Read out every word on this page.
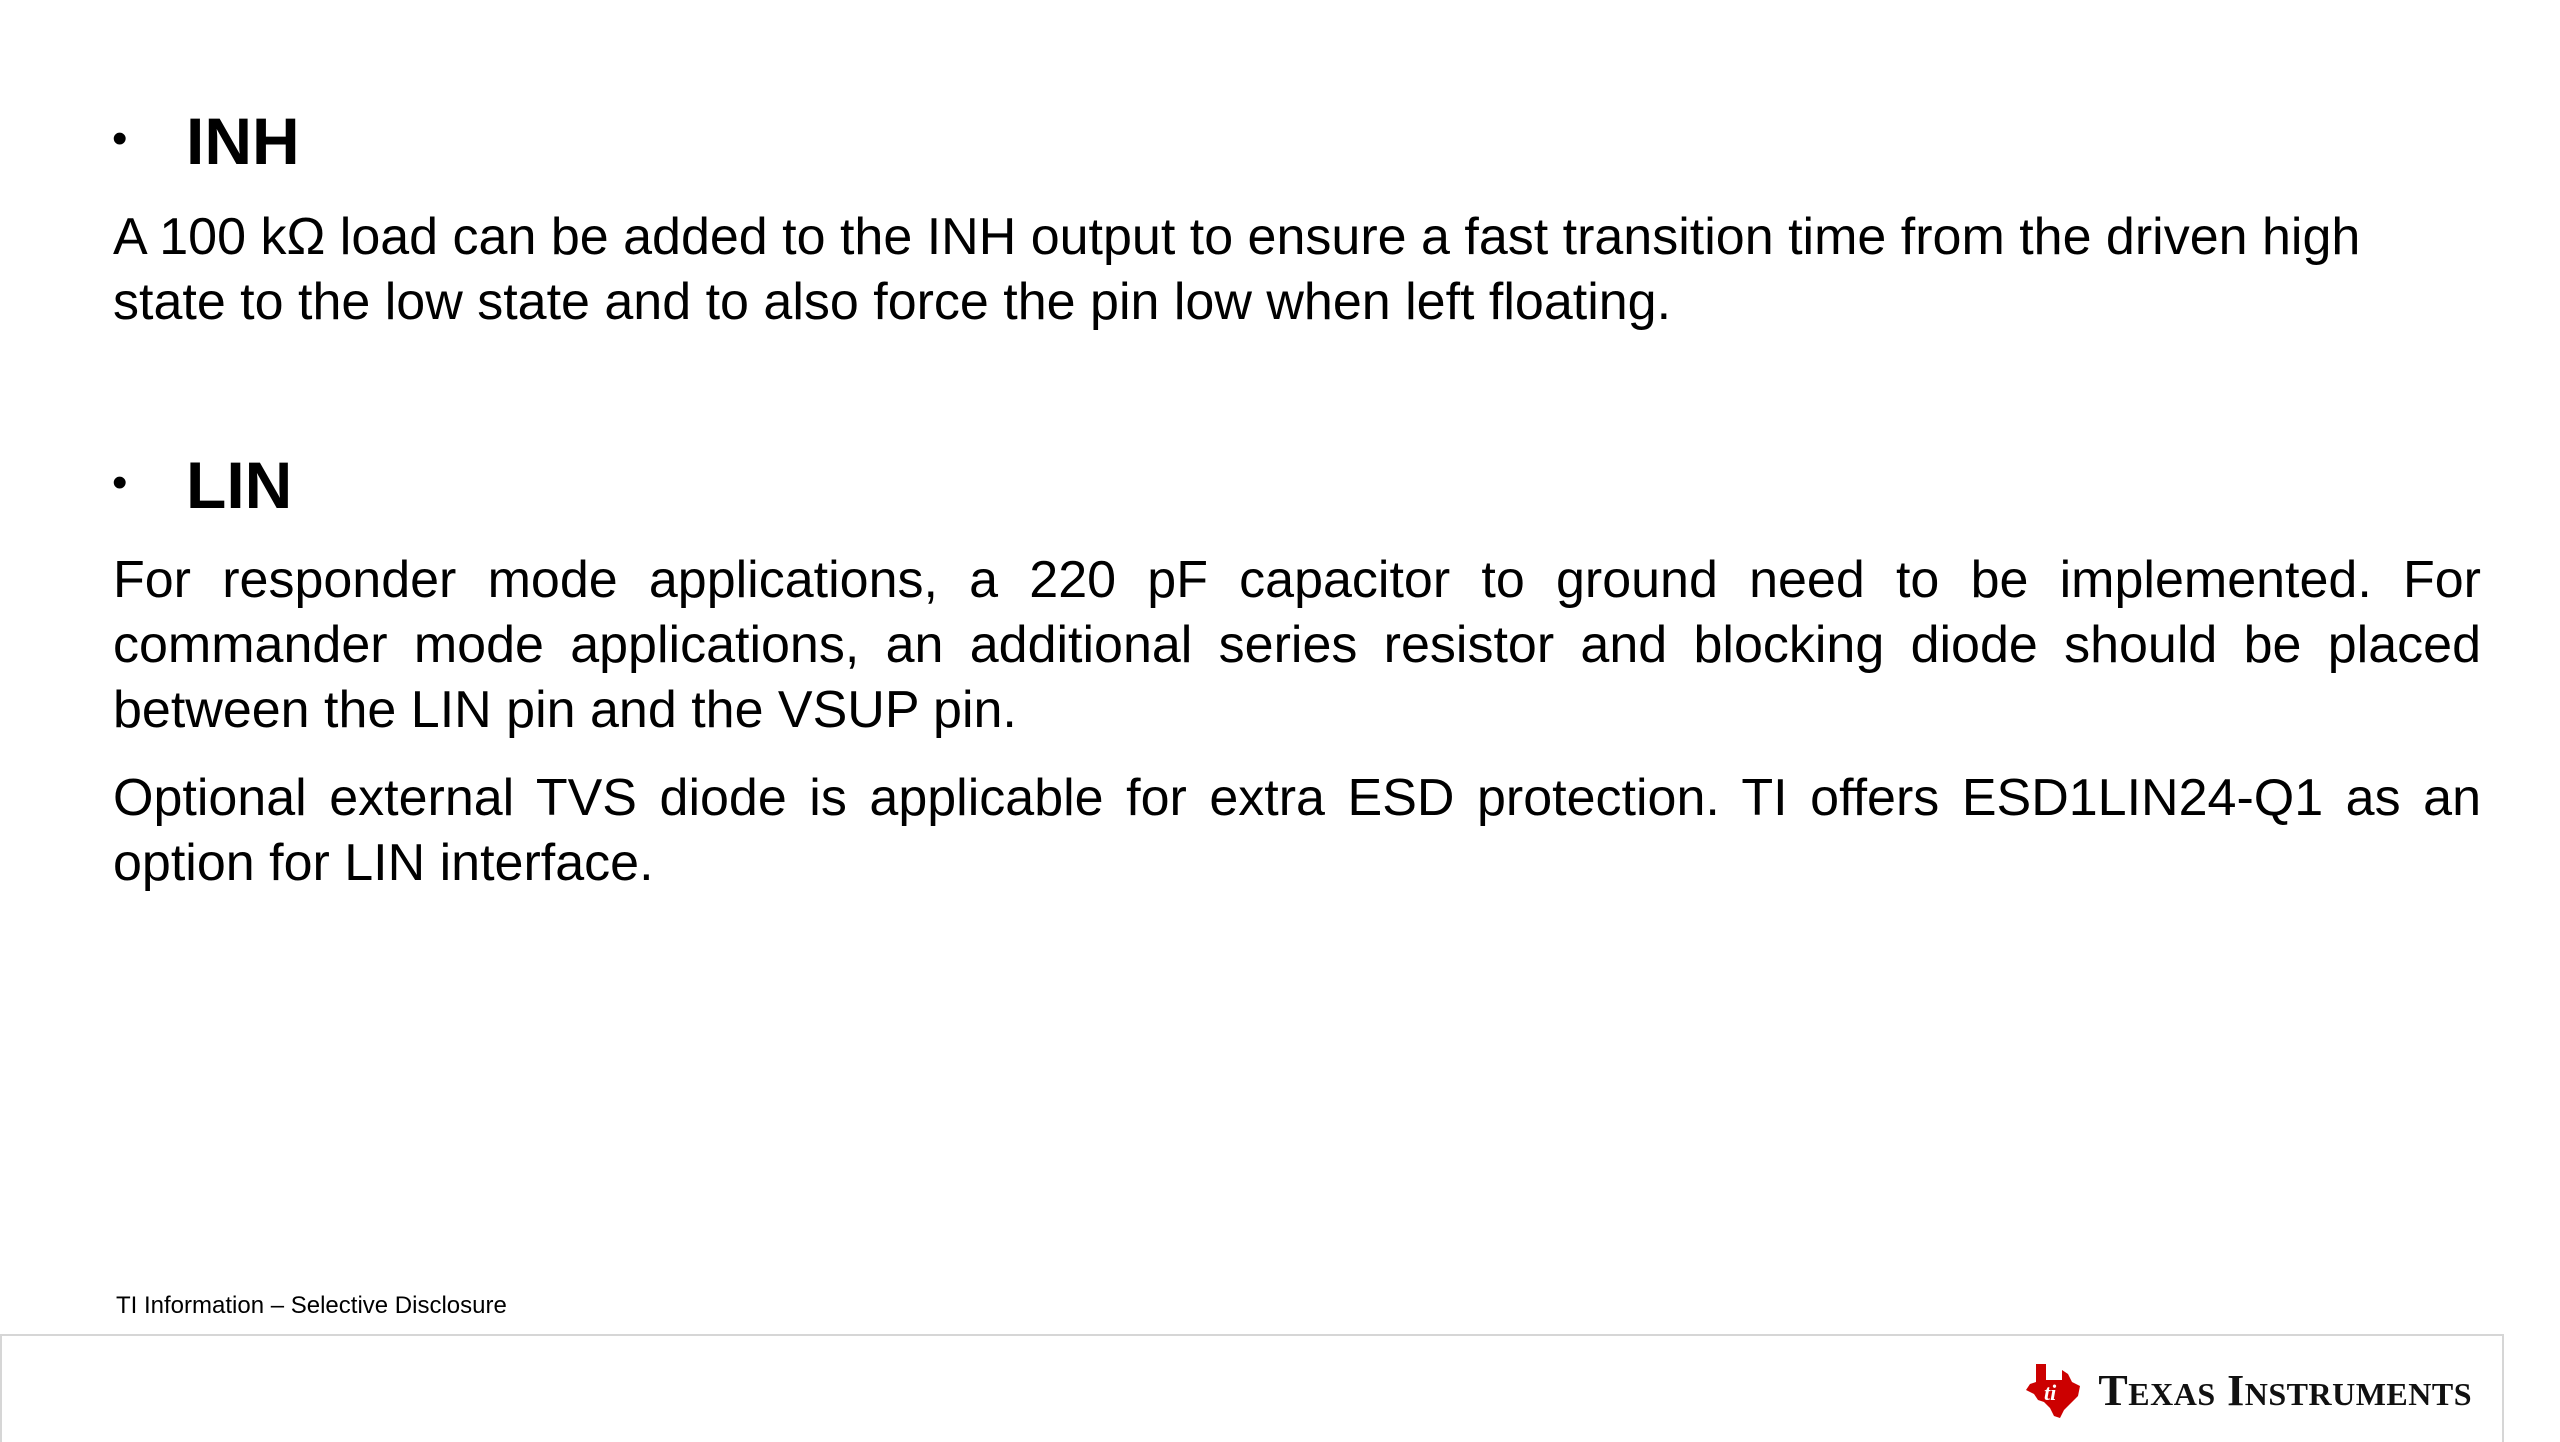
• INH
A 100 kΩ load can be added to the INH output to ensure a fast transition time from the driven high state to the low state and to also force the pin low when left floating.
• LIN
For responder mode applications, a 220 pF capacitor to ground need to be implemented. For commander mode applications, an additional series resistor and blocking diode should be placed between the LIN pin and the VSUP pin.
Optional external TVS diode is applicable for extra ESD protection. TI offers ESD1LIN24-Q1 as an option for LIN interface.
TI Information – Selective Disclosure
ti TEXAS INSTRUMENTS
